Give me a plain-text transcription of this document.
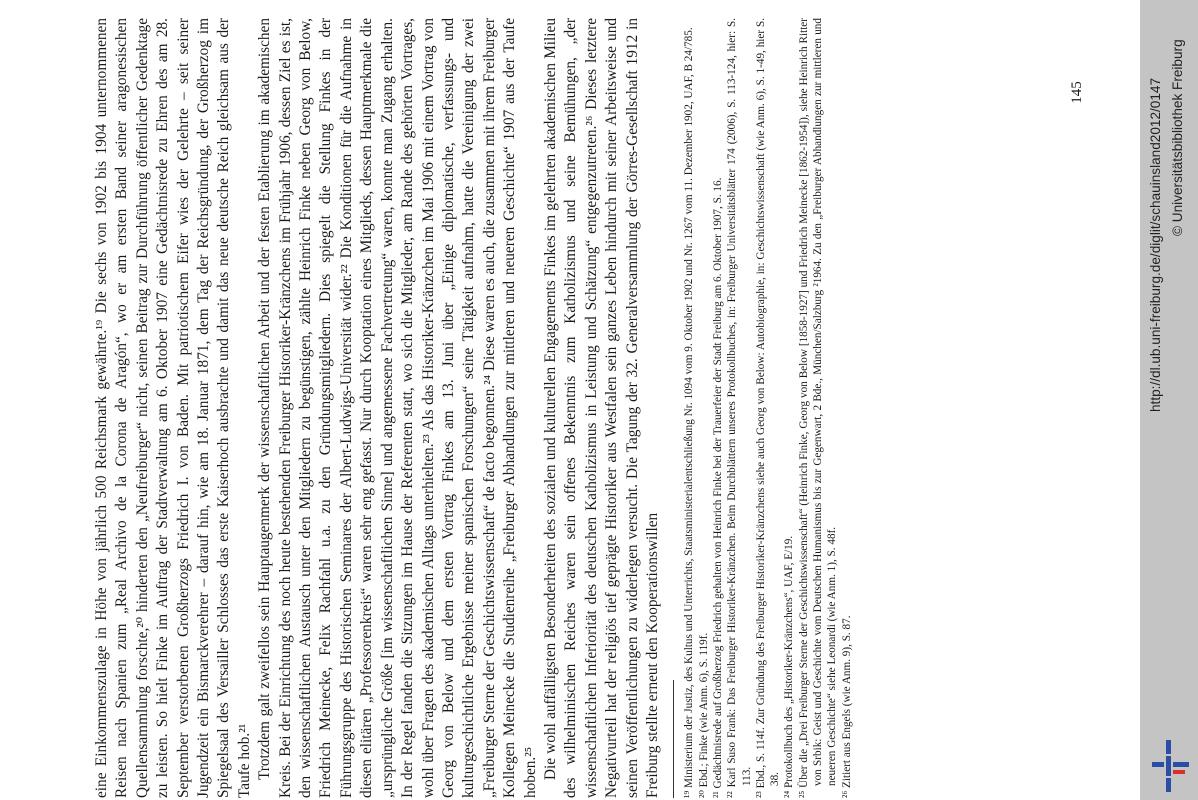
eine Einkommenszulage in Höhe von jährlich 500 Reichsmark gewährte.¹⁹ Die sechs von 1902 bis 1904 unternommenen Reisen nach Spanien zum „Real Archivo de la Corona de Aragón“, wo er am ersten Band seiner aragonesischen Quellensammlung forschte,²⁰ hinderten den „Neufreiburger“ nicht, seinen Beitrag zur Durchführung öffentlicher Gedenktage zu leisten. So hielt Finke im Auftrag der Stadtverwaltung am 6. Oktober 1907 eine Gedächtnisrede zu Ehren des am 28. September verstorbenen Großherzogs Friedrich I. von Baden. Mit patriotischem Eifer wies der Gelehrte – seit seiner Jugendzeit ein Bismarckverehrer – darauf hin, wie am 18. Januar 1871, dem Tag der Reichsgründung, der Großherzog im Spiegelsaal des Versailler Schlosses das erste Kaiserhoch ausbrachte und damit das neue deutsche Reich gleichsam aus der Taufe hob.²¹ Trotzdem galt zweifellos sein Hauptaugenmerk der wissenschaftlichen Arbeit und der festen Etablierung im akademischen Kreis. Bei der Einrichtung des noch heute bestehenden Freiburger Historiker-Kränzchens im Frühjahr 1906, dessen Ziel es ist, den wissenschaftlichen Austausch unter den Mitgliedern zu begünstigen, zählte Heinrich Finke neben Georg von Below, Friedrich Meinecke, Felix Rachfahl u.a. zu den Gründungsmitgliedern. Dies spiegelt die Stellung Finkes in der Führungsgruppe des Historischen Seminares der Albert-Ludwigs-Universität wider.²² Die Konditionen für die Aufnahme in diesen elitären „Professorenkreis“ waren sehr eng gefasst. Nur durch Kooptation eines Mitglieds, dessen Hauptmerkmale die „ursprüngliche Größe [im wissenschaftlichen Sinne] und angemessene Fachvertretung“ waren, konnte man Zugang erhalten. In der Regel fanden die Sitzungen im Hause der Referenten statt, wo sich die Mitglieder, am Rande des gehörten Vortrages, wohl über Fragen des akademischen Alltags unterhielten.²³ Als das Historiker-Kränzchen im Mai 1906 mit einem Vortrag von Georg von Below und dem ersten Vortrag Finkes am 13. Juni über „Einige diplomatische, verfassungs- und kulturgeschichtliche Ergebnisse meiner spanischen Forschungen“ seine Tätigkeit aufnahm, hatte die Vereinigung der zwei „Freiburger Sterne der Geschichtswissenschaft“ de facto begonnen.²⁴ Diese waren es auch, die zusammen mit ihrem Freiburger Kollegen Meinecke die Studienreihe „Freiburger Abhandlungen zur mittleren und neueren Geschichte“ 1907 aus der Taufe hoben.²⁵ Die wohl auffälligsten Besonderheiten des sozialen und kulturellen Engagements Finkes im gelehrten akademischen Milieu des wilhelminischen Reiches waren sein offenes Bekenntnis zum Katholizismus und seine Bemühungen, „der wissenschaftlichen Inferiorität des deutschen Katholizismus in Leistung und Schätzung“ entgegenzutreten.²⁶ Dieses letztere Negativurteil hat der religiös tief geprägte Historiker aus Westfalen sein ganzes Leben hindurch mit seiner Arbeitsweise und seinen Veröffentlichungen zu widerlegen versucht. Die Tagung der 32. Generalversammlung der Görres-Gesellschaft 1912 in Freiburg stellte erneut den Kooperationswillen ¹⁹ Ministerium der Justiz, des Kultus und Unterrichts, Staatsministerialentschließung Nr. 1094 vom 9. Oktober 1902 und Nr. 1267 vom 11. Dezember 1902, UAF, B 24/785. ²⁰ Ebd.; Finke (wie Anm. 6), S. 119f. ²¹ Gedächtnisrede auf Großherzog Friedrich gehalten von Heinrich Finke bei der Trauerfeier der Stadt Freiburg am 6. Oktober 1907, S. 16. ²² Karl Suso Frank: Das Freiburger Historiker-Kränzchen. Beim Durchblättern unseres Protokollbuches, in: Freiburger Universitätsblätter 174 (2006), S. 113-124, hier: S. 113. ²³ Ebd., S. 114f. Zur Gründung des Freiburger Historiker-Kränzchens siehe auch Georg von Below: Autobiographie, in: Geschichtswissenschaft (wie Anm. 6), S. 1-49, hier S. 38. ²⁴ Protokollbuch des „Historiker-Kränzchens“, UAF, E/19. ²⁵ Über die „Drei Freiburger Sterne der Geschichtswissenschaft“ (Heinrich Finke, Georg von Below [1858-1927] und Friedrich Meinecke [1862-1954]), siehe Heinrich Ritter von Srbik: Geist und Geschichte vom Deutschen Humanismus bis zur Gegenwart, 2 Bde., München/Salzburg ²1964. Zu den „Freiburger Abhandlungen zur mittleren und neueren Geschichte“ siehe Leonardi (wie Anm. 1), S. 48f. ²⁶ Zitiert aus Engels (wie Anm. 9), S. 87.

145	http://dl.ub.uni-freiburg.de/diglit/schauinsland2012/0147 © Universitätsbibliothek Freiburg
